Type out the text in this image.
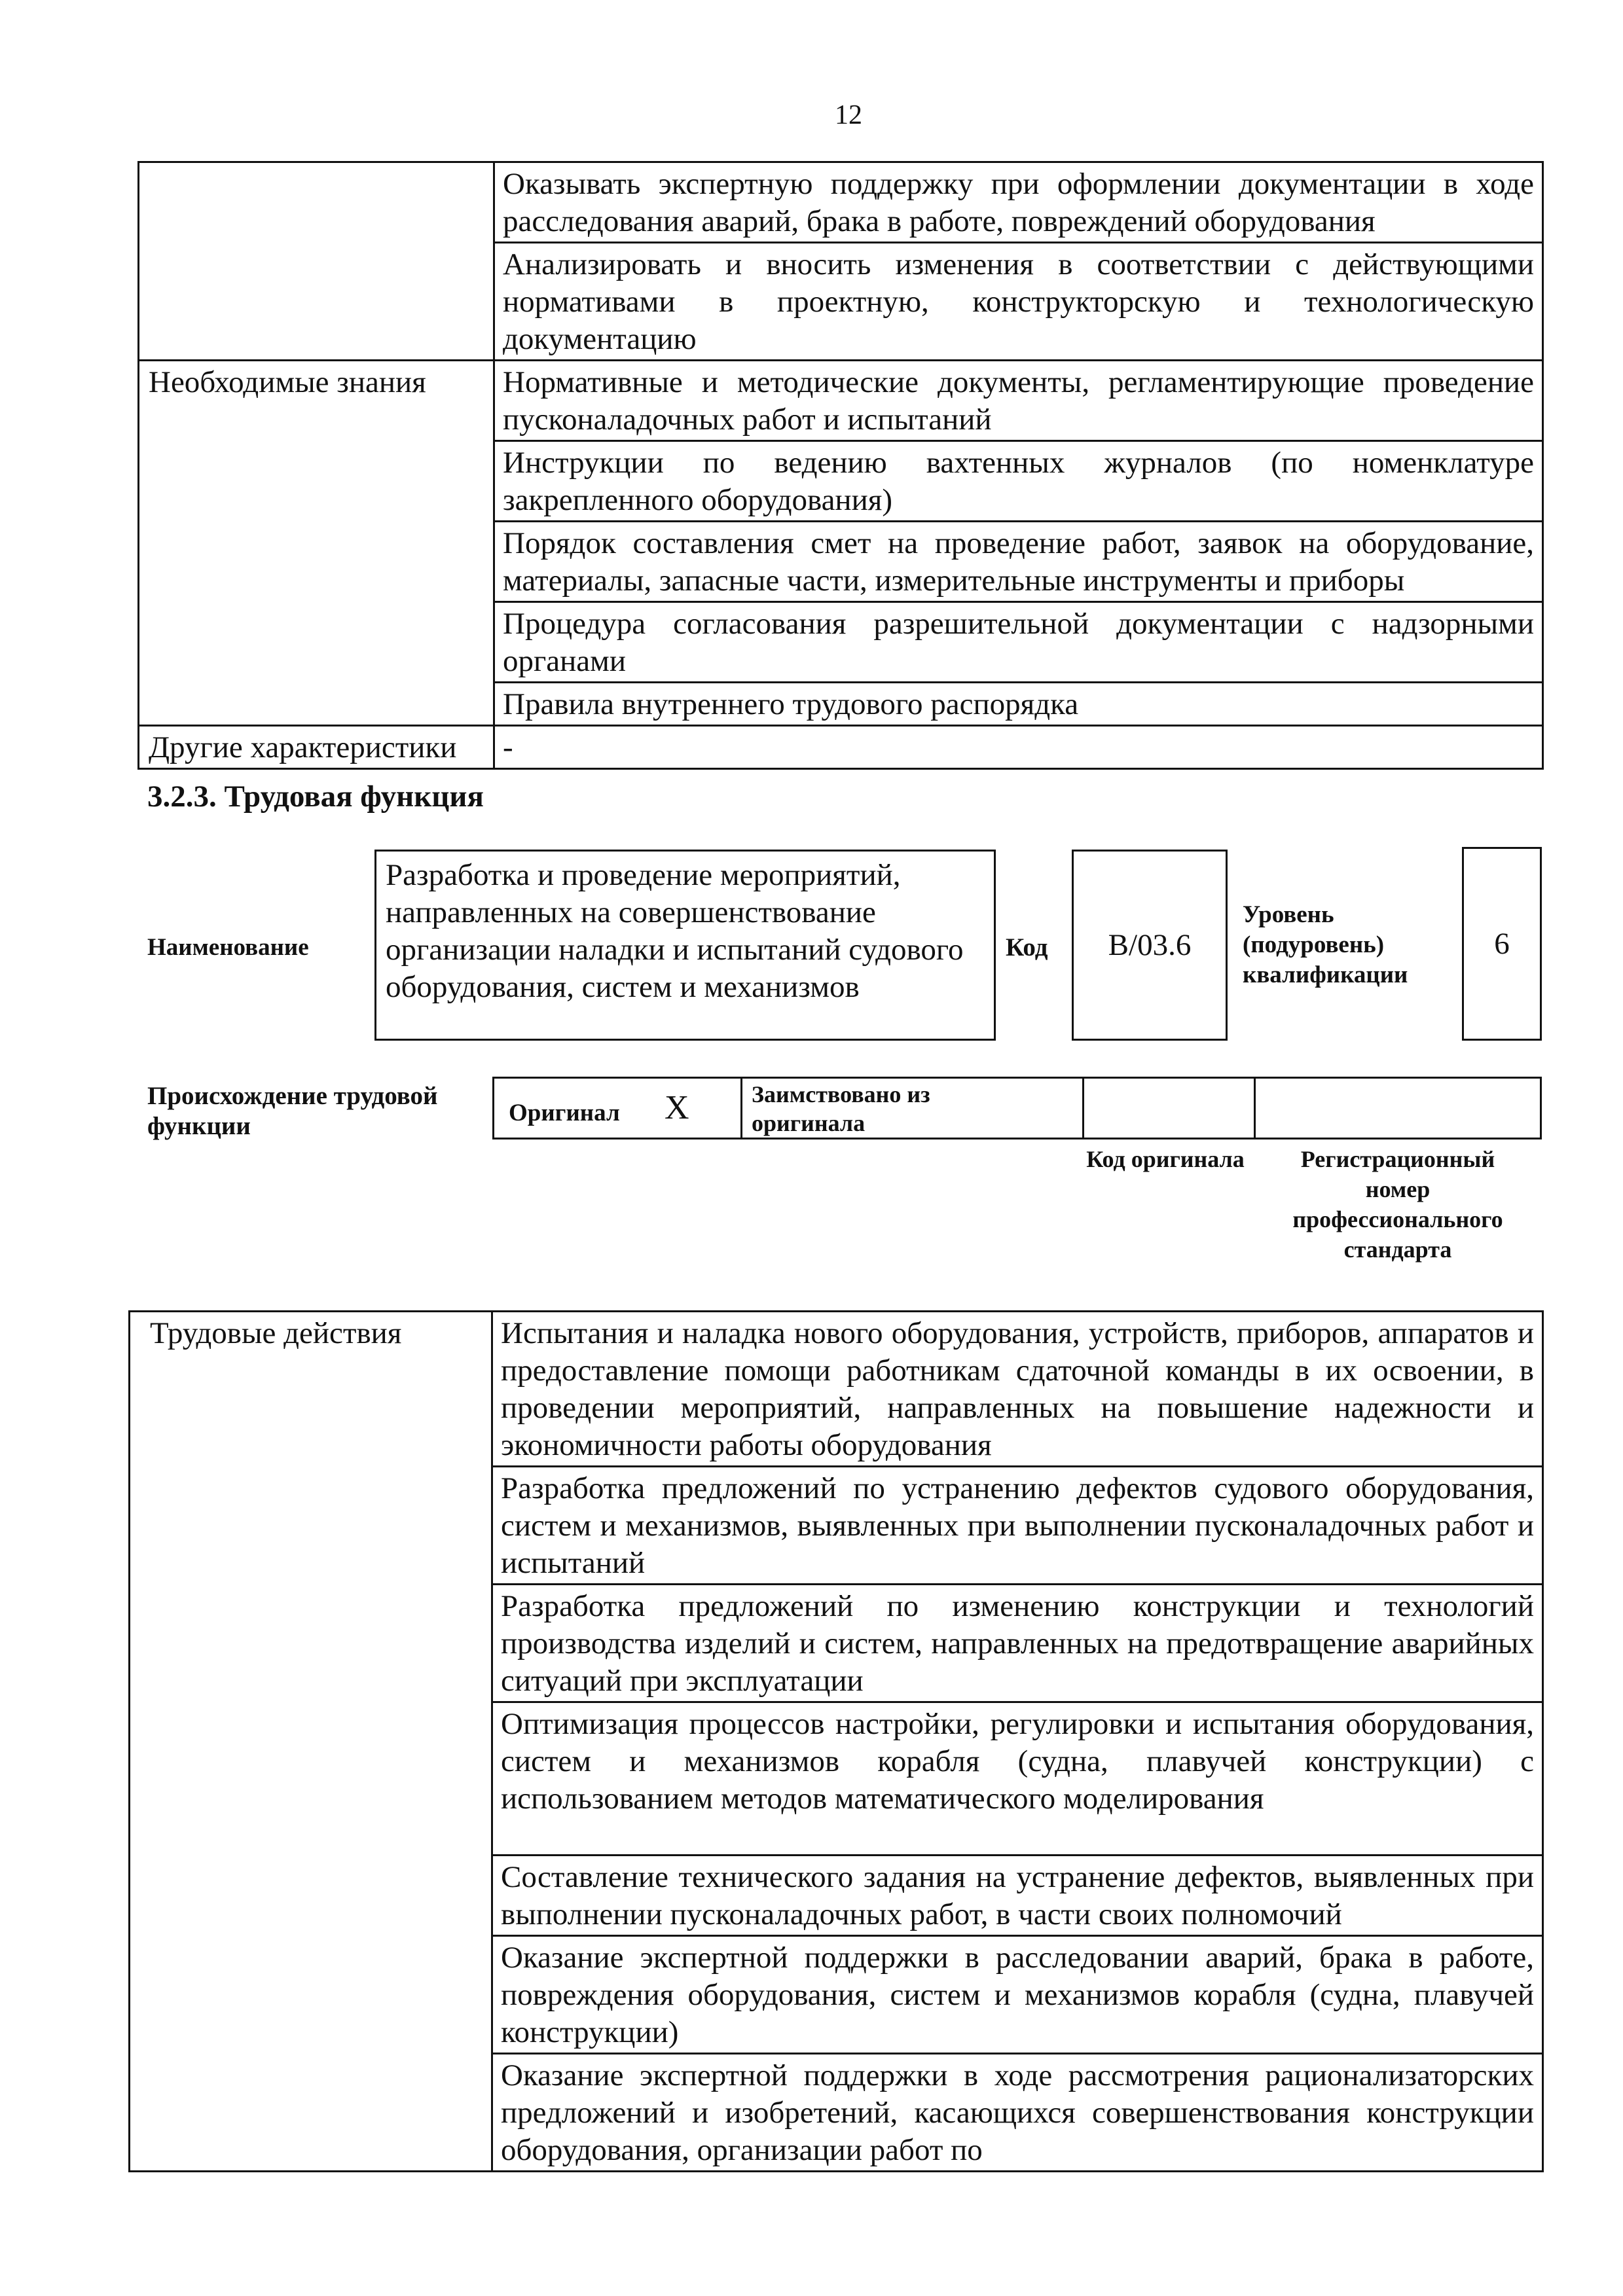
12
	Оказывать экспертную поддержку при оформлении документации в ходе расследования аварий, брака в работе, повреждений оборудования
	Анализировать и вносить изменения в соответствии с действующими нормативами в проектную, конструкторскую и технологическую документацию
Необходимые знания	Нормативные и методические документы, регламентирующие проведение пусконаладочных работ и испытаний
	Инструкции по ведению вахтенных журналов (по номенклатуре закрепленного оборудования)
	Порядок составления смет на проведение работ, заявок на оборудование, материалы, запасные части, измерительные инструменты и приборы
	Процедура согласования разрешительной документации с надзорными органами
	Правила внутреннего трудового распорядка
Другие характеристики	-
3.2.3. Трудовая функция
Наименование
Разработка и проведение мероприятий, направленных на совершенствование организации наладки и испытаний судового оборудования, систем и механизмов
Код B/03.6
Уровень (подуровень) квалификации
6
Происхождение трудовой функции	Оригинал X	Заимствовано из оригинала
Код оригинала	Регистрационный номер профессионального стандарта
Трудовые действия	Испытания и наладка нового оборудования, устройств, приборов, аппаратов и предоставление помощи работникам сдаточной команды в их освоении, в проведении мероприятий, направленных на повышение надежности и экономичности работы оборудования
Разработка предложений по устранению дефектов судового оборудования, систем и механизмов, выявленных при выполнении пусконаладочных работ и испытаний
Разработка предложений по изменению конструкции и технологий производства изделий и систем, направленных на предотвращение аварийных ситуаций при эксплуатации
Оптимизация процессов настройки, регулировки и испытания оборудования, систем и механизмов корабля (судна, плавучей конструкции) с использованием методов математического моделирования
Составление технического задания на устранение дефектов, выявленных при выполнении пусконаладочных работ, в части своих полномочий
Оказание экспертной поддержки в расследовании аварий, брака в работе, повреждения оборудования, систем и механизмов корабля (судна, плавучей конструкции)
Оказание экспертной поддержки в ходе рассмотрения рационализаторских предложений и изобретений, касающихся совершенствования конструкции оборудования, организации работ по
